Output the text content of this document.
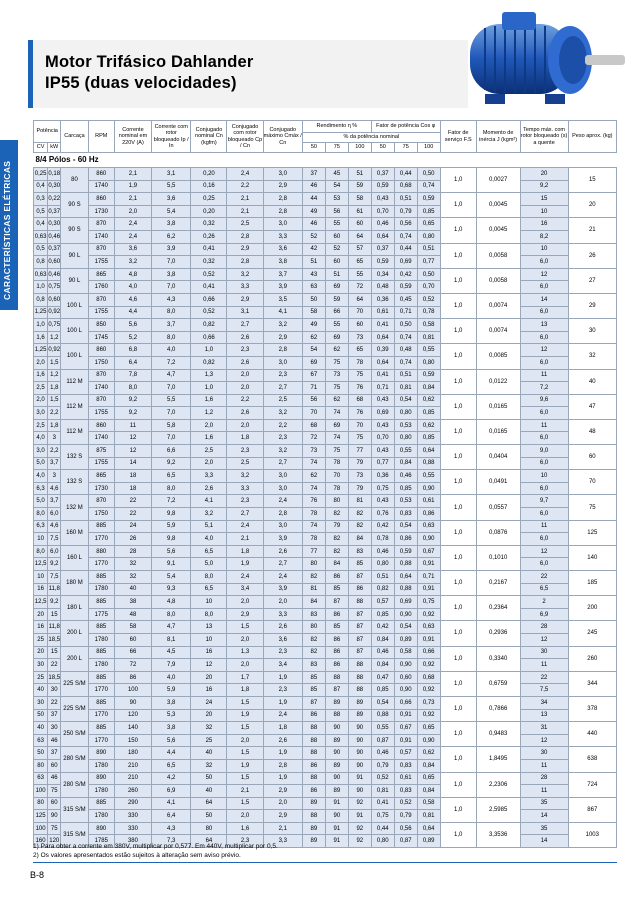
CARACTERÍSTICAS ELÉTRICAS
Motor Trifásico Dahlander
IP55 (duas velocidades)
Potência		Carcaça	RPM	Corrente nominal em 220V (A)	Corrente com rotor bloqueado Ip / In	Conjugado nominal Cn (kgfm)	Conjugado com rotor bloqueado Cp / Cn	Conjugado máximo Cmáx / Cn	Rendimento η %			Fator de potência Cos φ			Fator de serviço F.S	Momento de inércia J (kgm²)	Tempo máx. com rotor bloqueado (s) a quente	Peso aprox. (kg)
									% da potência nominal									
CV	kW								50	75	100	50	75	100				
8/4 Pólos - 60 Hz																		
0,25	0,18	80	860	2,1	3,1	0,20	2,4	3,0	37	45	51	0,37	0,44	0,50	1,0	0,0027	20	15
0,4	0,30		1740	1,9	5,5	0,16	2,2	2,9	46	54	59	0,59	0,68	0,74			9,2	
0,3	0,22	90 S	860	2,1	3,6	0,25	2,1	2,8	44	53	58	0,43	0,51	0,59	1,0	0,0045	15	20
0,5	0,37		1730	2,0	5,4	0,20	2,1	2,8	49	56	61	0,70	0,79	0,85			10	
0,4	0,30	90 S	870	2,4	3,8	0,32	2,5	3,0	46	55	60	0,46	0,56	0,65	1,0	0,0045	16	21
0,63	0,46		1740	2,4	6,2	0,26	2,8	3,3	52	60	64	0,64	0,74	0,80			8,2	
0,5	0,37	90 L	870	3,6	3,9	0,41	2,9	3,6	42	52	57	0,37	0,44	0,51	1,0	0,0058	10	26
0,8	0,60		1755	3,2	7,0	0,32	2,8	3,8	51	60	65	0,59	0,69	0,77			6,0	
0,63	0,46	90 L	865	4,8	3,8	0,52	3,2	3,7	43	51	55	0,34	0,42	0,50	1,0	0,0058	12	27
1,0	0,75		1760	4,0	7,0	0,41	3,3	3,9	63	69	72	0,48	0,59	0,70			6,0	
0,8	0,60	100 L	870	4,6	4,3	0,66	2,9	3,5	50	59	64	0,36	0,45	0,52	1,0	0,0074	14	29
1,25	0,92		1755	4,4	8,0	0,52	3,1	4,1	58	66	70	0,61	0,71	0,78			6,0	
1,0	0,75	100 L	850	5,6	3,7	0,82	2,7	3,2	49	55	60	0,41	0,50	0,58	1,0	0,0074	13	30
1,6	1,2		1745	5,2	8,0	0,66	2,6	2,9	62	69	73	0,64	0,74	0,81			6,0	
1,25	0,92	100 L	860	6,8	4,0	1,0	2,3	2,8	54	62	65	0,39	0,48	0,55	1,0	0,0085	12	32
2,0	1,5		1750	6,4	7,2	0,82	2,6	3,0	69	75	78	0,64	0,74	0,80			6,0	
1,6	1,2	112 M	870	7,8	4,7	1,3	2,0	2,3	67	73	75	0,41	0,51	0,59	1,0	0,0122	11	40
2,5	1,8		1740	8,0	7,0	1,0	2,0	2,7	71	75	76	0,71	0,81	0,84			7,2	
2,0	1,5	112 M	870	9,2	5,5	1,6	2,2	2,5	56	62	68	0,43	0,54	0,62	1,0	0,0165	9,6	47
3,0	2,2		1755	9,2	7,0	1,2	2,6	3,2	70	74	76	0,69	0,80	0,85			6,0	
2,5	1,8	112 M	860	11	5,8	2,0	2,0	2,2	68	69	70	0,43	0,53	0,62	1,0	0,0165	11	48
4,0	3		1740	12	7,0	1,6	1,8	2,3	72	74	75	0,70	0,80	0,85			6,0	
3,0	2,2	132 S	875	12	6,6	2,5	2,3	3,2	73	75	77	0,43	0,55	0,64	1,0	0,0404	9,0	60
5,0	3,7		1755	14	9,2	2,0	2,5	2,7	74	78	79	0,77	0,84	0,88			6,0	
4,0	3	132 S	865	18	6,5	3,3	3,2	3,0	62	70	73	0,36	0,46	0,55	1,0	0,0491	10	70
6,3	4,6		1730	18	8,0	2,6	3,3	3,0	74	78	79	0,75	0,85	0,90			6,0	
5,0	3,7	132 M	870	22	7,2	4,1	2,3	2,4	76	80	81	0,43	0,53	0,61	1,0	0,0557	9,7	75
8,0	6,0		1750	22	9,8	3,2	2,7	2,8	78	82	82	0,76	0,83	0,86			6,0	
6,3	4,6	160 M	885	24	5,9	5,1	2,4	3,0	74	79	82	0,42	0,54	0,63	1,0	0,0876	11	125
10	7,5		1770	26	9,8	4,0	2,1	3,9	78	82	84	0,78	0,86	0,90			6,0	
8,0	6,0	160 L	880	28	5,6	6,5	1,8	2,6	77	82	83	0,46	0,59	0,67	1,0	0,1010	12	140
12,5	9,2		1770	32	9,1	5,0	1,9	2,7	80	84	85	0,80	0,88	0,91			6,0	
10	7,5	180 M	885	32	5,4	8,0	2,4	2,4	82	86	87	0,51	0,64	0,71	1,0	0,2167	22	185
16	11,8		1780	40	9,3	6,5	3,4	3,9	81	85	86	0,82	0,88	0,91			6,5	
12,5	9,2	180 L	885	38	4,8	10	2,0	2,0	84	87	88	0,57	0,69	0,75	1,0	0,2364	2	200
20	15		1775	48	8,0	8,0	2,9	3,3	83	86	87	0,85	0,90	0,92			6,9	
16	11,8	200 L	885	58	4,7	13	1,5	2,6	80	85	87	0,42	0,54	0,63	1,0	0,2936	28	245
25	18,5		1780	60	8,1	10	2,0	3,6	82	86	87	0,84	0,89	0,91			12	
20	15	200 L	885	66	4,5	16	1,3	2,3	82	86	87	0,46	0,58	0,66	1,0	0,3340	30	260
30	22		1780	72	7,9	12	2,0	3,4	83	86	88	0,84	0,90	0,92			11	
25	18,5	225 S/M	885	86	4,0	20	1,7	1,9	85	88	88	0,47	0,60	0,68	1,0	0,6759	22	344
40	30		1770	100	5,9	16	1,8	2,3	85	87	88	0,85	0,90	0,92			7,5	
30	22	225 S/M	885	90	3,8	24	1,5	1,9	87	89	89	0,54	0,66	0,73	1,0	0,7866	34	378
50	37		1770	120	5,3	20	1,9	2,4	86	88	89	0,88	0,91	0,92			13	
40	30	250 S/M	885	140	3,8	32	1,5	1,8	88	90	90	0,55	0,67	0,65	1,0	0,9483	31	440
63	46		1770	150	5,6	25	2,0	2,6	88	89	90	0,87	0,91	0,90			12	
50	37	280 S/M	890	180	4,4	40	1,5	1,9	88	90	90	0,46	0,57	0,62	1,0	1,8495	30	638
80	60		1780	210	6,5	32	1,9	2,8	86	89	90	0,79	0,83	0,84			11	
63	46	280 S/M	890	210	4,2	50	1,5	1,9	88	90	91	0,52	0,61	0,65	1,0	2,2306	28	724
100	75		1780	260	6,9	40	2,1	2,9	86	89	90	0,81	0,83	0,84			11	
80	60	315 S/M	885	290	4,1	64	1,5	2,0	89	91	92	0,41	0,52	0,58	1,0	2,5985	35	867
125	90		1780	330	6,4	50	2,0	2,9	88	90	91	0,75	0,79	0,81			14	
100	75	315 S/M	890	330	4,3	80	1,6	2,1	89	91	92	0,44	0,56	0,64	1,0	3,3536	35	1003
160	120		1785	380	7,3	64	2,3	3,3	89	91	92	0,80	0,87	0,89			14	
1) Para obter a corrente em 380V, multiplicar por 0,577. Em 440V, multiplicar por 0,5.
2) Os valores apresentados estão sujeitos à alteração sem aviso prévio.
B-8
